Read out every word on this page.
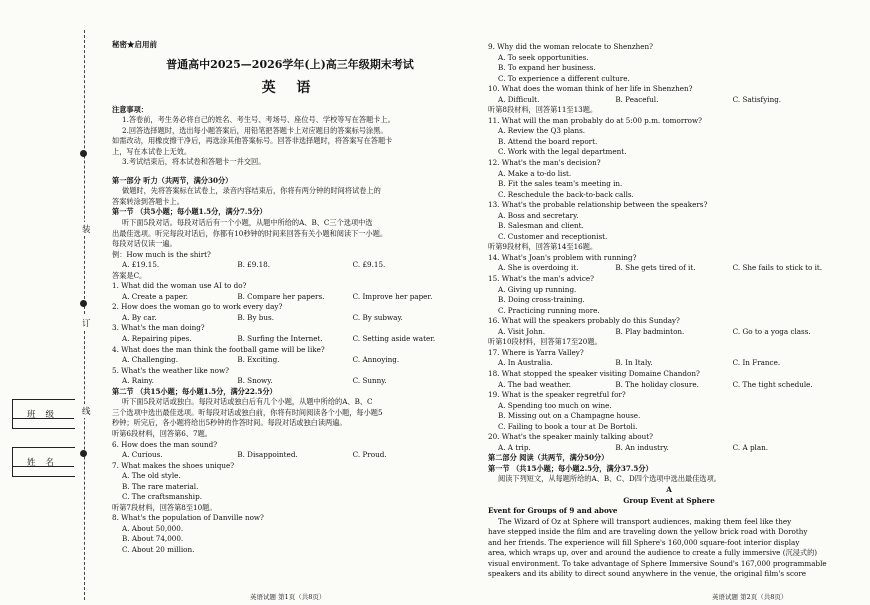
装
订
线
班级
姓名
秘密★启用前
普通高中2025—2026学年(上)高三年级期末考试
英 语
注意事项：
1.答卷前，考生务必将自己的姓名、考生号、考场号、座位号、学校等写在答题卡上。
2.回答选择题时，选出每小题答案后，用铅笔把答题卡上对应题目的答案标号涂黑。
如需改动，用橡皮擦干净后，再选涂其他答案标号。回答非选择题时，将答案写在答题卡
上，写在本试卷上无效。
3.考试结束后，将本试卷和答题卡一并交回。
第一部分 听力（共两节，满分30分）
做题时，先将答案标在试卷上，录音内容结束后，你将有两分钟的时间将试卷上的
答案转涂到答题卡上。
第一节 （共5小题；每小题1.5分，满分7.5分）
听下面5段对话。每段对话后有一个小题，从题中所给的A、B、C三个选项中选
出最佳选项。听完每段对话后，你都有10秒钟的时间来回答有关小题和阅读下一小题。
每段对话仅读一遍。
例：How much is the shirt?
A. £19.15.	B. £9.18.	C. £9.15.
答案是C。
1. What did the woman use AI to do?
A. Create a paper.	B. Compare her papers.	C. Improve her paper.
2. How does the woman go to work every day?
A. By car.	B. By bus.	C. By subway.
3. What's the man doing?
A. Repairing pipes.	B. Surfing the Internet.	C. Setting aside water.
4. What does the man think the football game will be like?
A. Challenging.	B. Exciting.	C. Annoying.
5. What's the weather like now?
A. Rainy.	B. Snowy.	C. Sunny.
第二节 （共15小题；每小题1.5分，满分22.5分）
听下面5段对话或独白。每段对话或独白后有几个小题，从题中所给的A、B、C
三个选项中选出最佳选项。听每段对话或独白前，你将有时间阅读各个小题，每小题5
秒钟；听完后，各小题将给出5秒钟的作答时间。每段对话或独白读两遍。
听第6段材料，回答第6、7题。
6. How does the man sound?
A. Curious.	B. Disappointed.	C. Proud.
7. What makes the shoes unique?
A. The old style.
B. The rare material.
C. The craftsmanship.
听第7段材料，回答第8至10题。
8. What's the population of Danville now?
A. About 50,000.
B. About 74,000.
C. About 20 million.
9. Why did the woman relocate to Shenzhen?
A. To seek opportunities.
B. To expand her business.
C. To experience a different culture.
10. What does the woman think of her life in Shenzhen?
A. Difficult.	B. Peaceful.	C. Satisfying.
听第8段材料，回答第11至13题。
11. What will the man probably do at 5:00 p.m. tomorrow?
A. Review the Q3 plans.
B. Attend the board report.
C. Work with the legal department.
12. What's the man's decision?
A. Make a to-do list.
B. Fit the sales team's meeting in.
C. Reschedule the back-to-back calls.
13. What's the probable relationship between the speakers?
A. Boss and secretary.
B. Salesman and client.
C. Customer and receptionist.
听第9段材料，回答第14至16题。
14. What's Joan's problem with running?
A. She is overdoing it.	B. She gets tired of it.	C. She fails to stick to it.
15. What's the man's advice?
A. Giving up running.
B. Doing cross-training.
C. Practicing running more.
16. What will the speakers probably do this Sunday?
A. Visit John.	B. Play badminton.	C. Go to a yoga class.
听第10段材料，回答第17至20题。
17. Where is Yarra Valley?
A. In Australia.	B. In Italy.	C. In France.
18. What stopped the speaker visiting Domaine Chandon?
A. The bad weather.	B. The holiday closure.	C. The tight schedule.
19. What is the speaker regretful for?
A. Spending too much on wine.
B. Missing out on a Champagne house.
C. Failing to book a tour at De Bortoli.
20. What's the speaker mainly talking about?
A. A trip.	B. An industry.	C. A plan.
第二部分 阅读（共两节，满分50分）
第一节 （共15小题；每小题2.5分，满分37.5分）
阅读下列短文，从每题所给的A、B、C、D四个选项中选出最佳选项。
A
Group Event at Sphere
Event for Groups of 9 and above
The Wizard of Oz at Sphere will transport audiences, making them feel like they
have stepped inside the film and are traveling down the yellow brick road with Dorothy
and her friends. The experience will fill Sphere's 160,000 square-foot interior display
area, which wraps up, over and around the audience to create a fully immersive (沉浸式的)
visual environment. To take advantage of Sphere Immersive Sound's 167,000 programmable
speakers and its ability to direct sound anywhere in the venue, the original film's score
英语试题 第1页（共8页）	英语试题 第2页（共8页）
